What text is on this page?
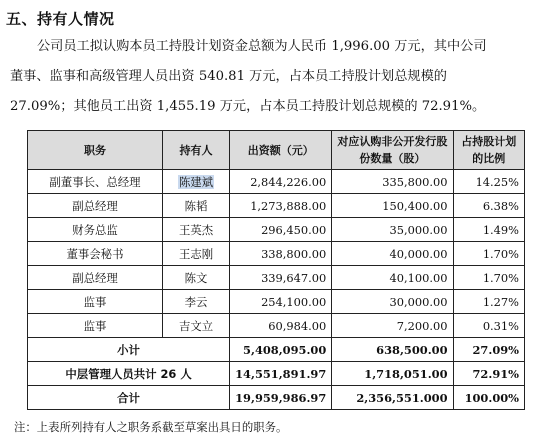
五、持有人情况
公司员工拟认购本员工持股计划资金总额为人民币 1,996.00 万元，其中公司
董事、监事和高级管理人员出资 540.81 万元，占本员工持股计划总规模的
27.09%；其他员工出资 1,455.19 万元，占本员工持股计划总规模的 72.91%。
职务	持有人	出资额（元）	对应认购非公开发行股份数量（股）	占持股计划的比例
副董事长、总经理	陈建斌	2,844,226.00	335,800.00	14.25%
副总经理	陈韬	1,273,888.00	150,400.00	6.38%
财务总监	王英杰	296,450.00	35,000.00	1.49%
董事会秘书	王志刚	338,800.00	40,000.00	1.70%
副总经理	陈文	339,647.00	40,100.00	1.70%
监事	李云	254,100.00	30,000.00	1.27%
监事	吉文立	60,984.00	7,200.00	0.31%
小计		5,408,095.00	638,500.00	27.09%
中层管理人员共计 26 人		14,551,891.97	1,718,051.00	72.91%
合计		19,959,986.97	2,356,551.000	100.00%
注：上表所列持有人之职务系截至草案出具日的职务。
